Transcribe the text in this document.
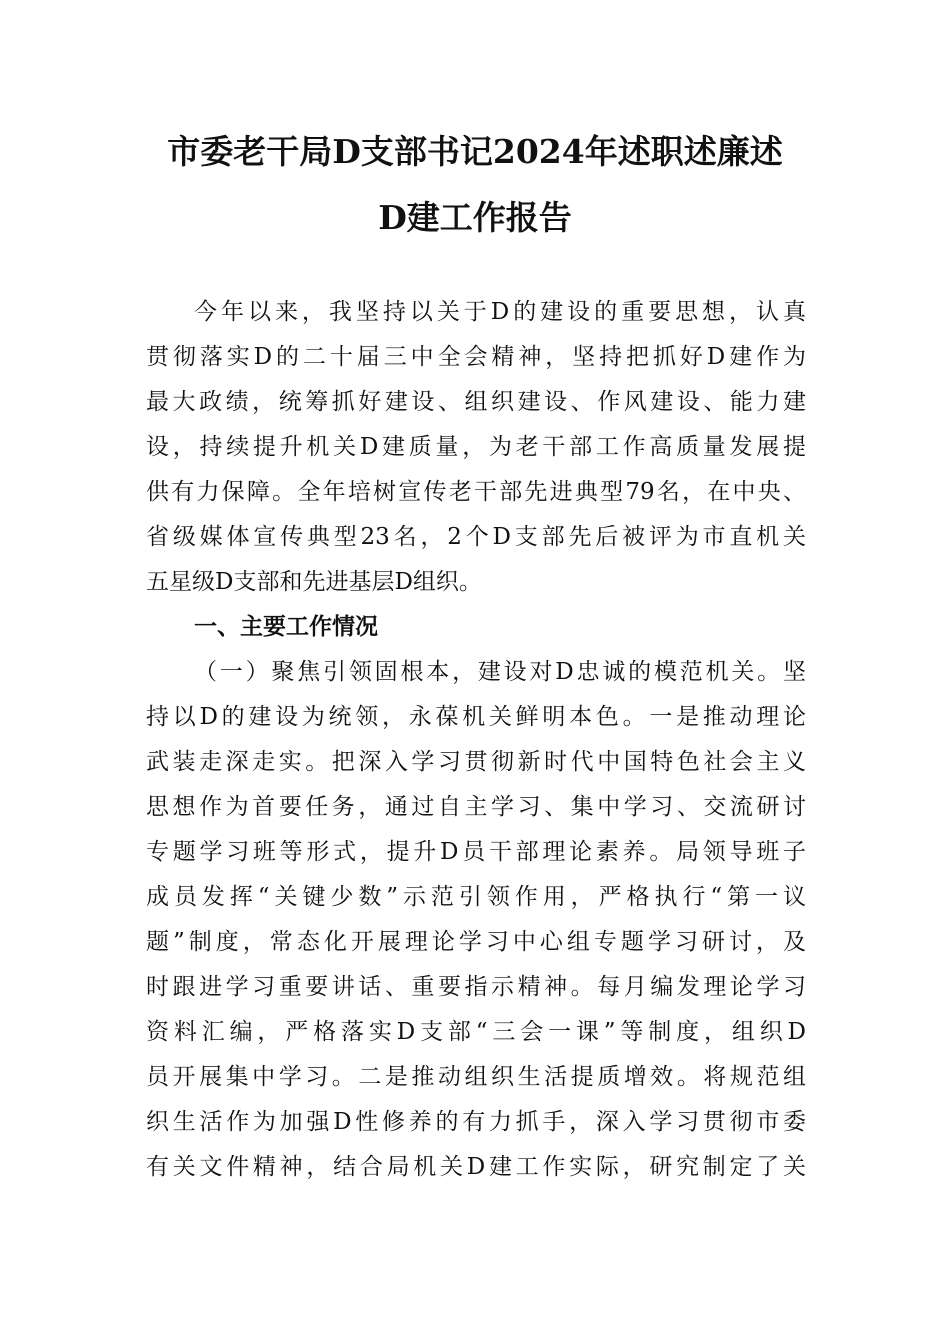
市委老干局D支部书记2024年述职述廉述
D建工作报告
今年以来，我坚持以关于D的建设的重要思想，认真
贯彻落实D的二十届三中全会精神，坚持把抓好D建作为
最大政绩，统筹抓好建设、组织建设、作风建设、能力建
设，持续提升机关D建质量，为老干部工作高质量发展提
供有力保障。全年培树宣传老干部先进典型79名，在中央、
省级媒体宣传典型23名，2个D支部先后被评为市直机关
五星级D支部和先进基层D组织。
一、主要工作情况
（一）聚焦引领固根本，建设对D忠诚的模范机关。坚
持以D的建设为统领，永葆机关鲜明本色。一是推动理论
武装走深走实。把深入学习贯彻新时代中国特色社会主义
思想作为首要任务，通过自主学习、集中学习、交流研讨
专题学习班等形式，提升D员干部理论素养。局领导班子
成员发挥“关键少数”示范引领作用，严格执行“第一议
题”制度，常态化开展理论学习中心组专题学习研讨，及
时跟进学习重要讲话、重要指示精神。每月编发理论学习
资料汇编，严格落实D支部“三会一课”等制度，组织D
员开展集中学习。二是推动组织生活提质增效。将规范组
织生活作为加强D性修养的有力抓手，深入学习贯彻市委
有关文件精神，结合局机关D建工作实际，研究制定了关
